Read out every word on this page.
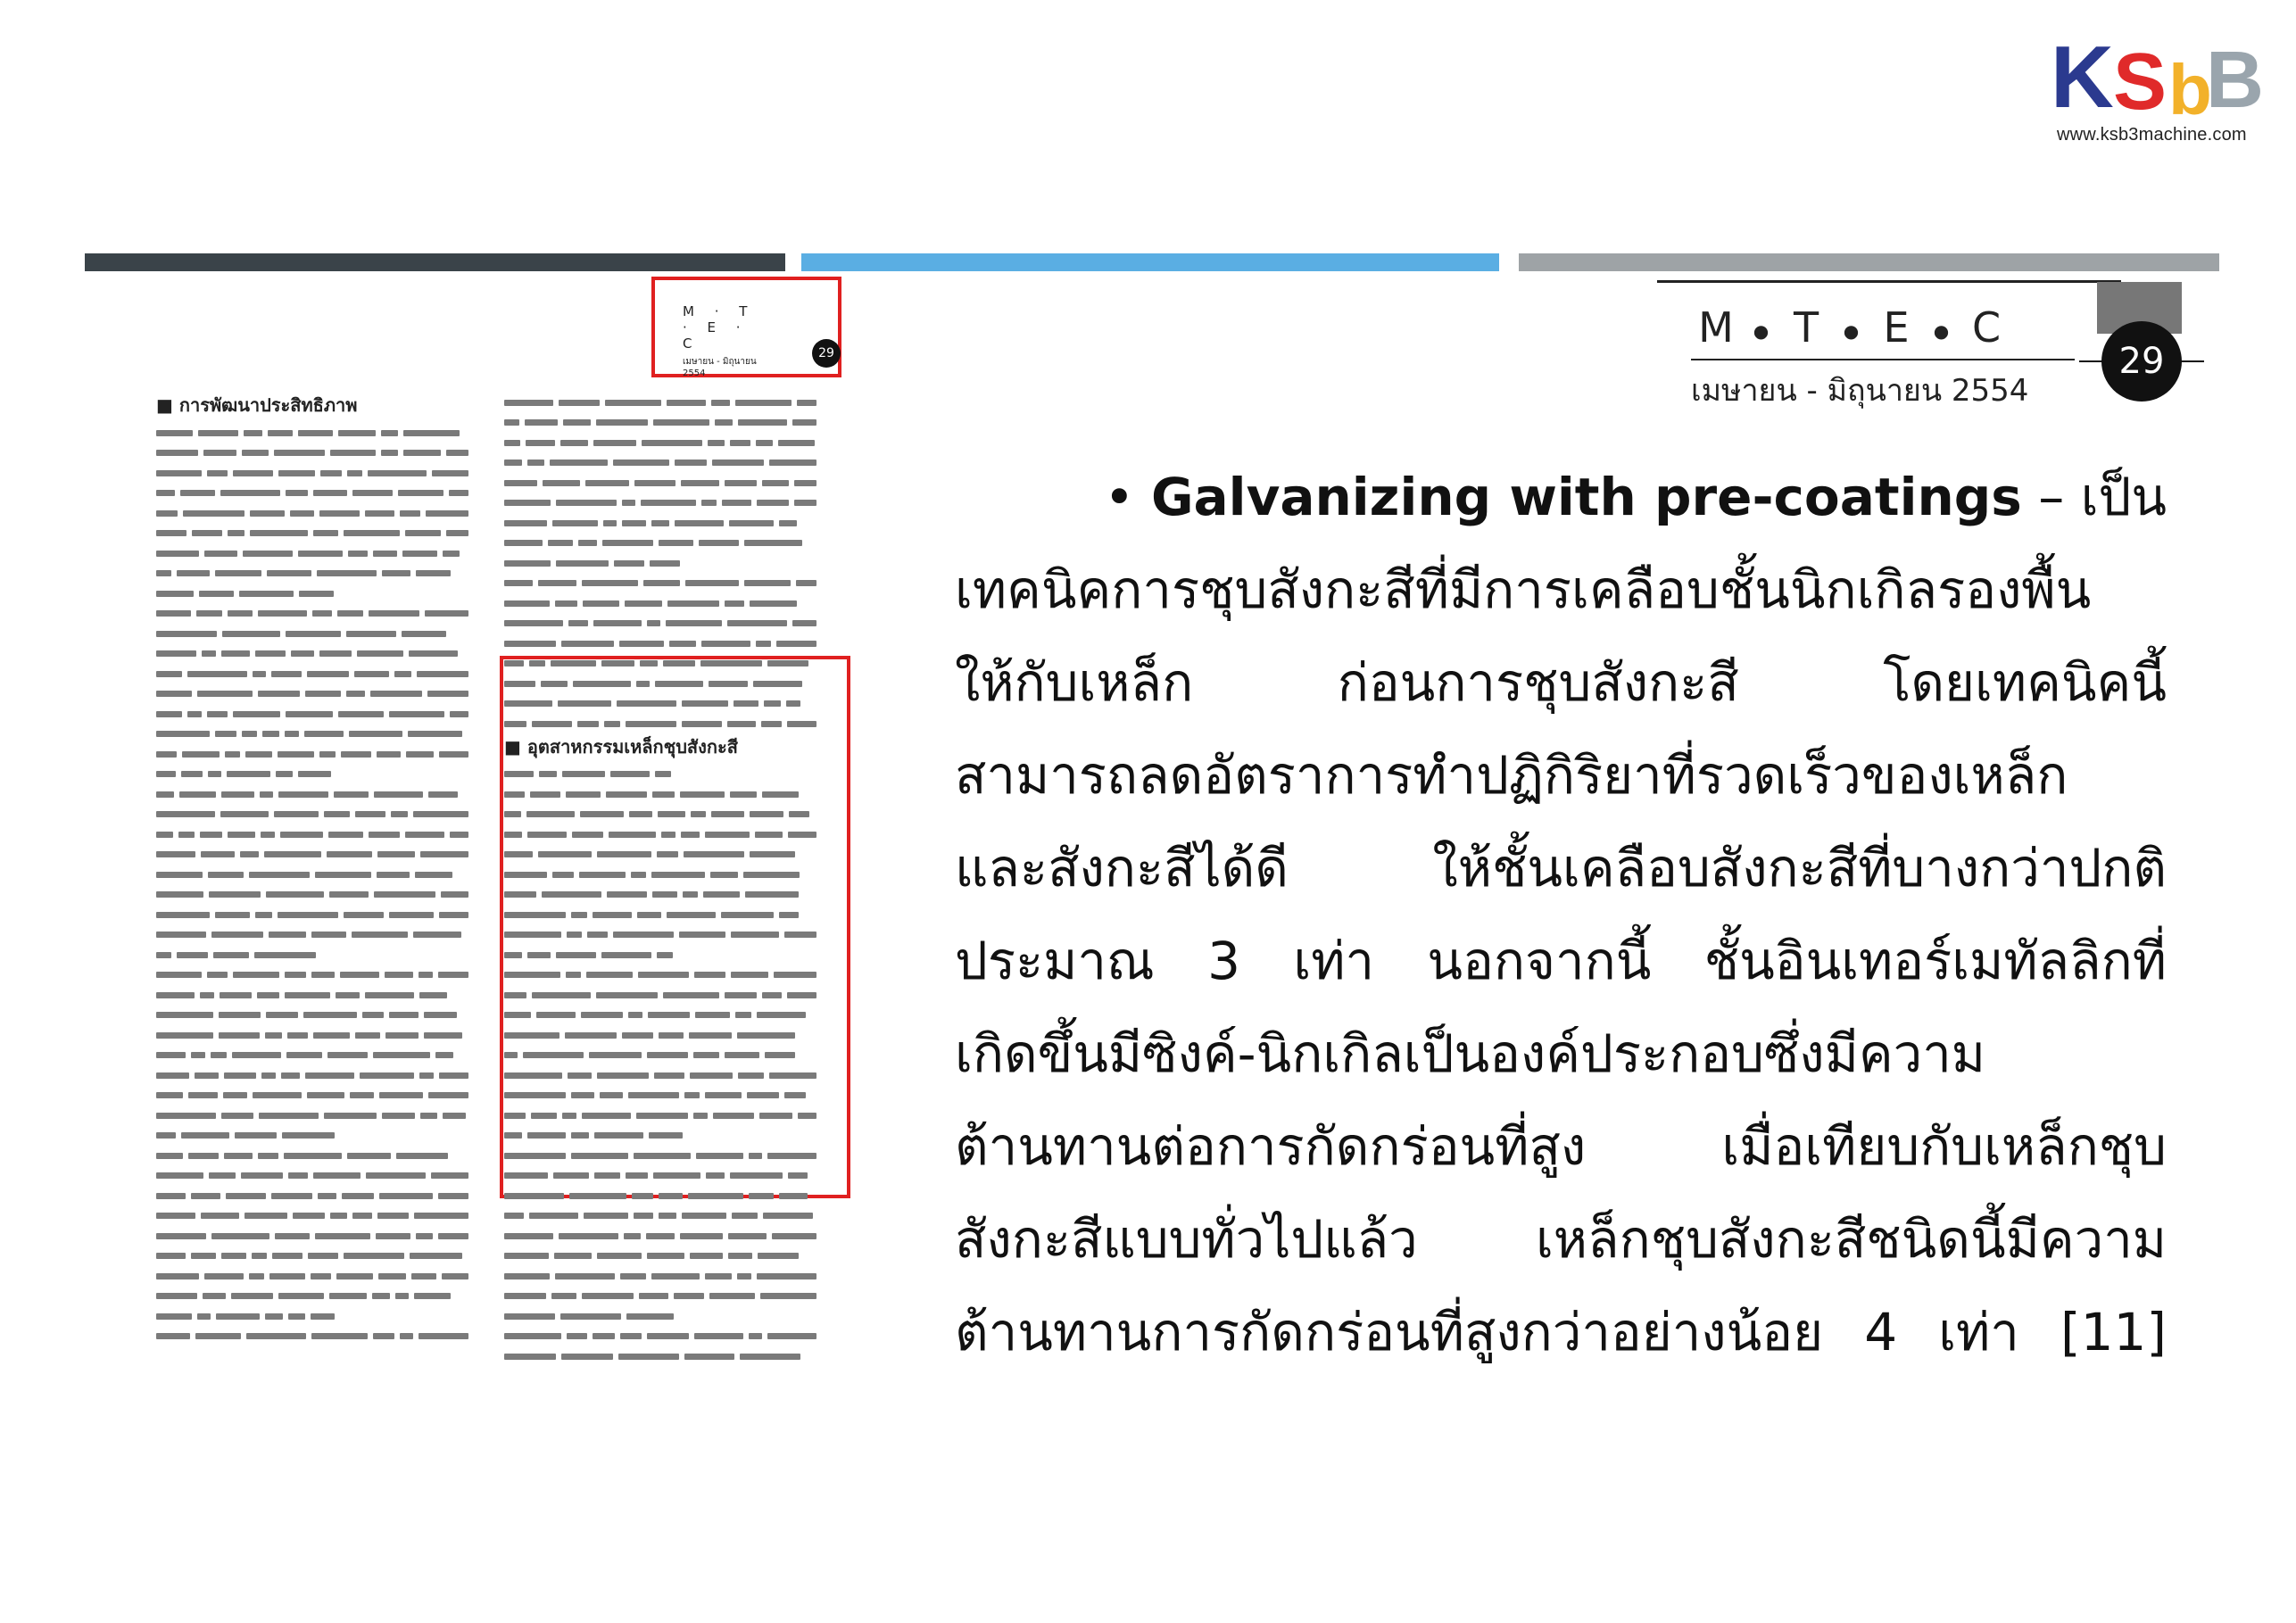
K S b
B
www.ksb3machine.com
M · T · E · C
เมษายน - มิถุนายน 2554
29
■ การพัฒนาประสิทธิภาพ
■ อุตสาหกรรมเหล็กชุบสังกะสี
M ● T ● E ● C
เมษายน - มิถุนายน 2554
29
• Galvanizing with pre-coatings – เป็น
เทคนิคการชุบสังกะสีที่มีการเคลือบชั้นนิกเกิลรองพื้น
ให้กับเหล็ก ก่อนการชุบสังกะสี โดยเทคนิคนี้
สามารถลดอัตราการทำปฏิกิริยาที่รวดเร็วของเหล็ก
และสังกะสีได้ดี ให้ชั้นเคลือบสังกะสีที่บางกว่าปกติ
ประมาณ 3 เท่า นอกจากนี้ ชั้นอินเทอร์เมทัลลิกที่
เกิดขึ้นมีซิงค์-นิกเกิลเป็นองค์ประกอบซึ่งมีความ
ต้านทานต่อการกัดกร่อนที่สูง เมื่อเทียบกับเหล็กชุบ
สังกะสีแบบทั่วไปแล้ว เหล็กชุบสังกะสีชนิดนี้มีความ
ต้านทานการกัดกร่อนที่สูงกว่าอย่างน้อย 4 เท่า [11]
